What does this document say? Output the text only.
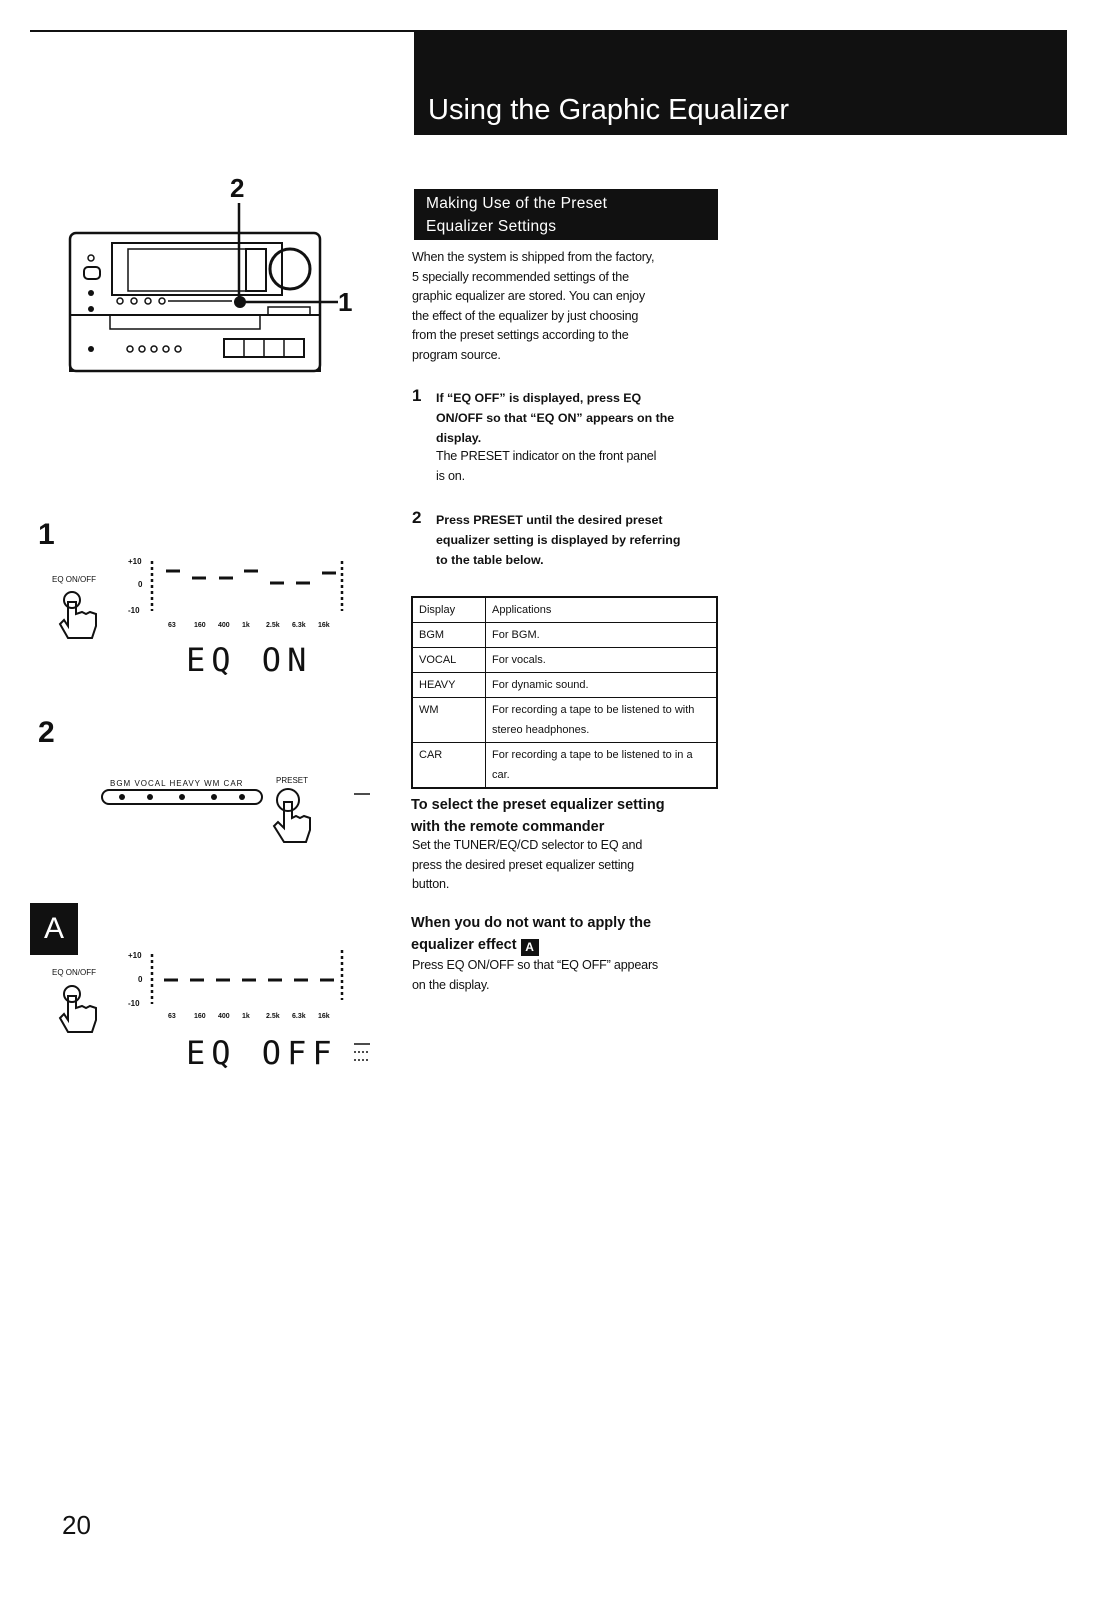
Using the Graphic Equalizer
Making Use of the Preset
Equalizer Settings
When the system is shipped from the factory,
5 specially recommended settings of the
graphic equalizer are stored. You can enjoy
the effect of the equalizer by just choosing
from the preset settings according to the
program source.
1 If “EQ OFF” is displayed, press EQ
ON/OFF so that “EQ ON” appears on the
display.
The PRESET indicator on the front panel
is on.
2 Press PRESET until the desired preset
equalizer setting is displayed by referring
to the table below.
Display	Applications
BGM	For BGM.
VOCAL	For vocals.
HEAVY	For dynamic sound.
WM	For recording a tape to be listened to with stereo headphones.
CAR	For recording a tape to be listened to in a car.
To select the preset equalizer setting
with the remote commander
Set the TUNER/EQ/CD selector to EQ and
press the desired preset equalizer setting
button.
When you do not want to apply the
equalizer effect A
Press EQ ON/OFF so that “EQ OFF” appears
on the display.
2
1
1
EQ ON/OFF
+10
0
-10
63	160 400 1k 2.5k 6.3k 16k
EQ ON
2
BGM VOCAL HEAVY WM CAR	PRESET
A
EQ ON/OFF
+10
0
-10
63	160 400 1k 2.5k 6.3k 16k
EQ OFF
20
